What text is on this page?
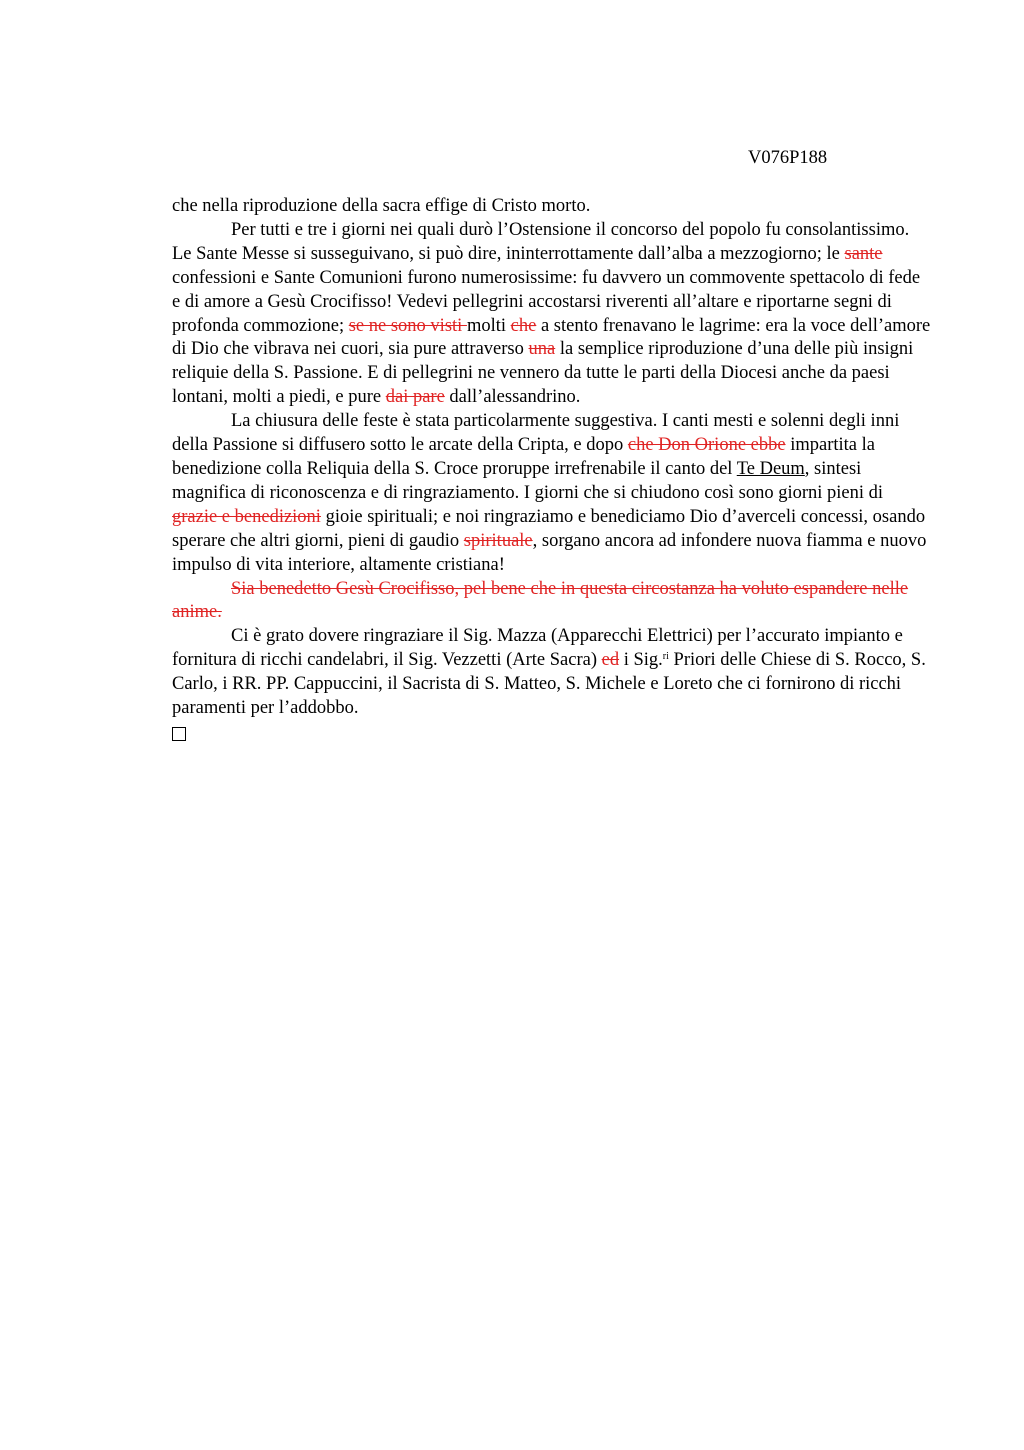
V076P188

che nella riproduzione della sacra effige di Cristo morto.

Per tutti e tre i giorni nei quali durò l’Ostensione il concorso del popolo fu consolantissimo. Le Sante Messe si susseguivano, si può dire, ininterrottamente dall’alba a mezzogiorno; le sante confessioni e Sante Comunioni furono numerosissime: fu davvero un commovente spettacolo di fede e di amore a Gesù Crocifisso! Vedevi pellegrini accostarsi riverenti all’altare e riportarne segni di profonda commozione; se ne sono visti molti che a stento frenavano le lagrime: era la voce dell’amore di Dio che vibrava nei cuori, sia pure attraverso una la semplice riproduzione d’una delle più insigni reliquie della S. Passione. E di pellegrini ne vennero da tutte le parti della Diocesi anche da paesi lontani, molti a piedi, e pure dai pare dall’alessandrino.

La chiusura delle feste è stata particolarmente suggestiva. I canti mesti e solenni degli inni della Passione si diffusero sotto le arcate della Cripta, e dopo che Don Orione ebbe impartita la benedizione colla Reliquia della S. Croce proruppe irrefrenabile il canto del Te Deum, sintesi magnifica di riconoscenza e di ringraziamento. I giorni che si chiudono così sono giorni pieni di grazie e benedizioni gioie spirituali; e noi ringraziamo e benediciamo Dio d’averceli concessi, osando sperare che altri giorni, pieni di gaudio spirituale, sorgano ancora ad infondere nuova fiamma e nuovo impulso di vita interiore, altamente cristiana!

Sia benedetto Gesù Crocifisso, pel bene che in questa circostanza ha voluto espandere nelle anime.

Ci è grato dovere ringraziare il Sig. Mazza (Apparecchi Elettrici) per l’accurato impianto e fornitura di ricchi candelabri, il Sig. Vezzetti (Arte Sacra) ed i Sig.$^{ri}$ Priori delle Chiese di S. Rocco, S. Carlo, i RR. PP. Cappuccini, il Sacrista di S. Matteo, S. Michele e Loreto che ci fornirono di ricchi paramenti per l’addobbo.
